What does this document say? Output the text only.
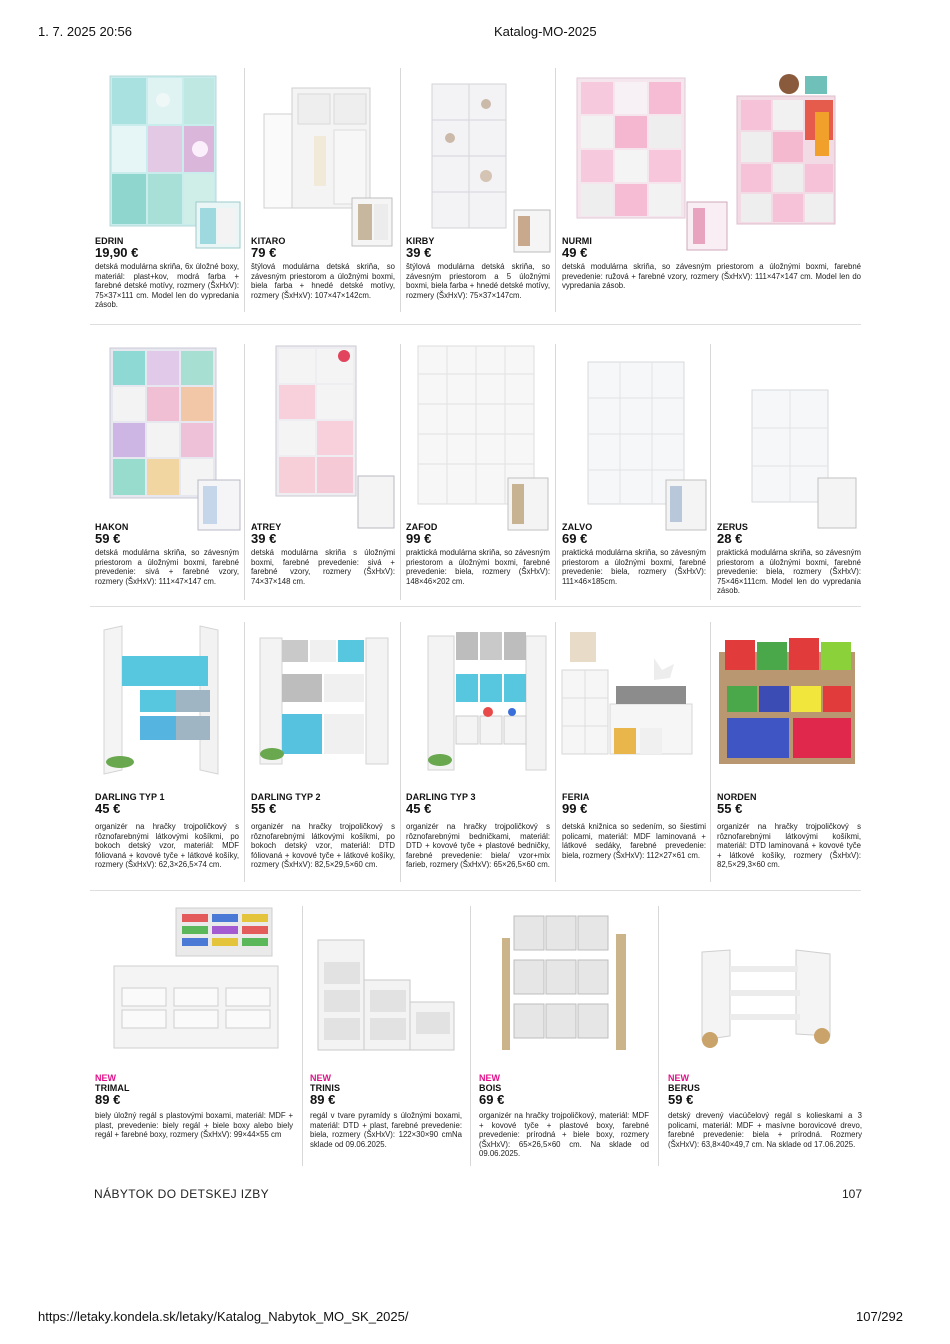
1. 7. 2025 20:56	Katalog-MO-2025
https://letaky.kondela.sk/letaky/Katalog_Nabytok_MO_SK_2025/	107/292
EDRIN
19,90 €
detská modulárna skriňa, 6x úložné boxy, materiál: plast+kov, modrá farba + farebné detské motívy, rozmery (ŠxHxV): 75×37×111 cm. Model len do vypredania zásob.
KITARO
79 €
štýlová modulárna detská skriňa, so závesným priestorom a úložnými boxmi, biela farba + hnedé detské motívy, rozmery (ŠxHxV): 107×47×142cm.
KIRBY
39 €
štýlová modulárna detská skriňa, so závesným priestorom a 5 úložnými boxmi, biela farba + hnedé detské motívy, rozmery (ŠxHxV): 75×37×147cm.
NURMI
49 €
detská modulárna skriňa, so závesným priestorom a úložnými boxmi, farebné prevedenie: ružová + farebné vzory, rozmery (ŠxHxV): 111×47×147 cm. Model len do vypredania zásob.
HAKON
59 €
detská modulárna skriňa, so závesným priestorom a úložnými boxmi, farebné prevedenie: sivá + farebné vzory, rozmery (ŠxHxV): 111×47×147 cm.
ATREY
39 €
detská modulárna skriňa s úložnými boxmi, farebné prevedenie: sivá + farebné vzory, rozmery (ŠxHxV): 74×37×148 cm.
ZAFOD
99 €
praktická modulárna skriňa, so závesným priestorom a úložnými boxmi, farebné prevedenie: biela, rozmery (ŠxHxV): 148×46×202 cm.
ZALVO
69 €
praktická modulárna skriňa, so závesným priestorom a úložnými boxmi, farebné prevedenie: biela, rozmery (ŠxHxV): 111×46×185cm.
ZERUS
28 €
praktická modulárna skriňa, so závesným priestorom a úložnými boxmi, farebné prevedenie: biela, rozmery (ŠxHxV): 75×46×111cm. Model len do vypredania zásob.
DARLING TYP 1
45 €
organizér na hračky trojpoličkový s rôznofarebnými látkovými košíkmi, po bokoch detský vzor, materiál: MDF fóliovaná + kovové tyče + látkové košíky, rozmery (ŠxHxV): 62,3×26,5×74 cm.
DARLING TYP 2
55 €
organizér na hračky trojpoličkový s rôznofarebnými látkovými košíkmi, po bokoch detský vzor, materiál: DTD fóliovaná + kovové tyče + látkové košíky, rozmery (ŠxHxV): 82,5×29,5×60 cm.
DARLING TYP 3
45 €
organizér na hračky trojpoličkový s rôznofarebnými bedničkami, materiál: DTD + kovové tyče + plastové bedničky, farebné prevedenie: biela/ vzor+mix farieb, rozmery (ŠxHxV): 65×26,5×60 cm.
FERIA
99 €
detská knižnica so sedením, so šiestimi policami, materiál: MDF laminovaná + látkové sedáky, farebné prevedenie: biela, rozmery (ŠxHxV): 112×27×61 cm.
NORDEN
55 €
organizér na hračky trojpoličkový s rôznofarebnými látkovými košíkmi, materiál: DTD laminovaná + kovové tyče + látkové košíky, rozmery (ŠxHxV): 82,5×29,3×60 cm.
NEW
TRIMAL
89 €
biely úložný regál s plastovými boxami, materiál: MDF + plast, prevedenie: biely regál + biele boxy alebo biely regál + farebné boxy, rozmery (ŠxHxV): 99×44×55 cm
NEW
TRINIS
89 €
regál v tvare pyramídy s úložnými boxami, materiál: DTD + plast, farebné prevedenie: biela, rozmery (ŠxHxV): 122×30×90 cmNa sklade od 09.06.2025.
NEW
BOIS
69 €
organizér na hračky trojpoličkový, materiál: MDF + kovové tyče + plastové boxy, farebné prevedenie: prírodná + biele boxy, rozmery (ŠxHxV): 65×26,5×60 cm. Na sklade od 09.06.2025.
NEW
BERUS
59 €
detský drevený viacúčelový regál s kolieskami a 3 policami, materiál: MDF + masívne borovicové drevo, farebné prevedenie: biela + prírodná. Rozmery (ŠxHxV): 63,8×40×49,7 cm. Na sklade od 17.06.2025.
NÁBYTOK DO DETSKEJ IZBY	107
